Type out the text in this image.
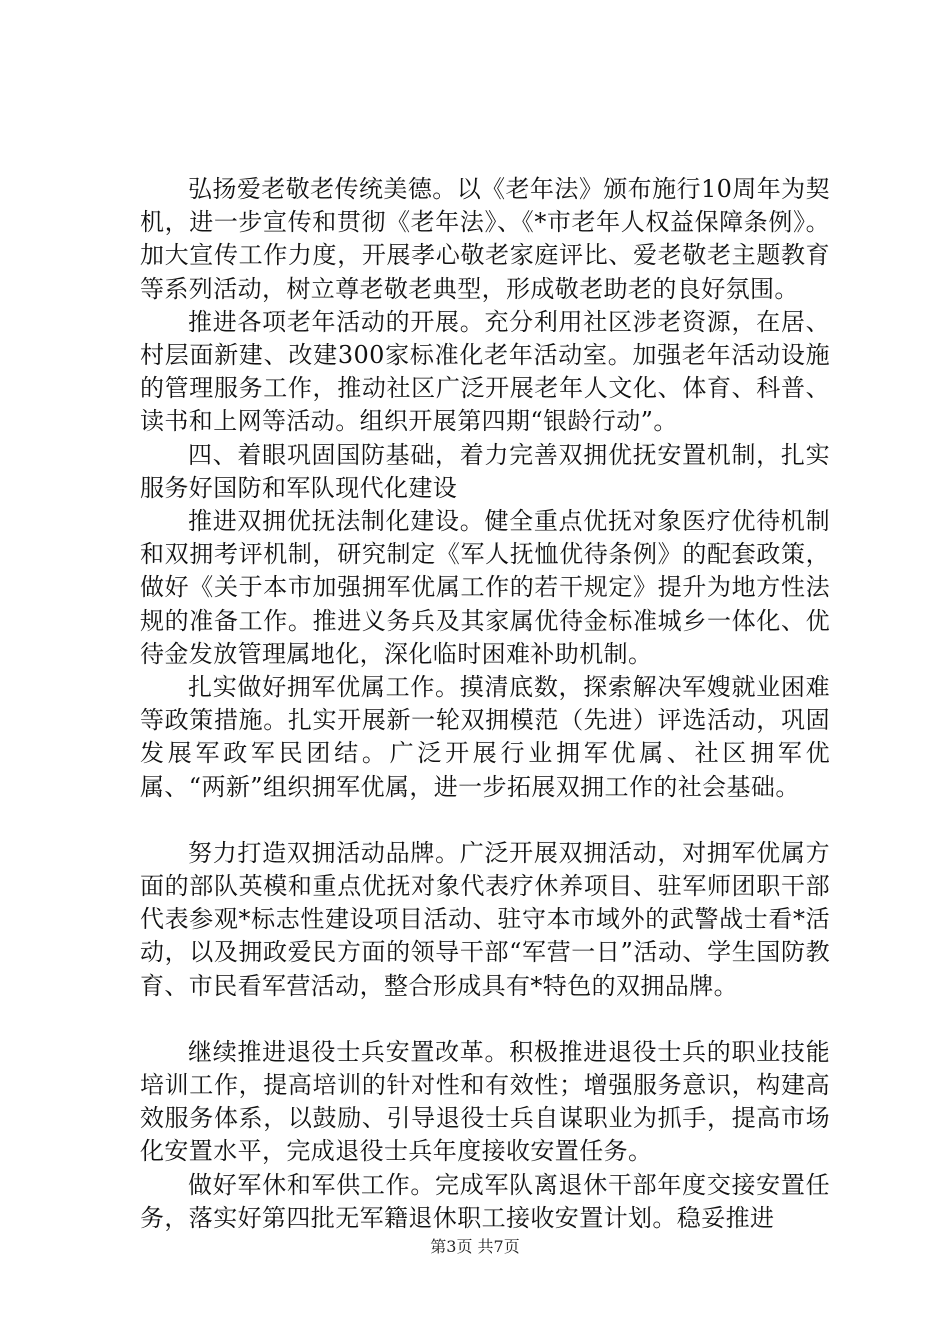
弘扬爱老敬老传统美德。以《老年法》颁布施行10周年为契机，进一步宣传和贯彻《老年法》、《*市老年人权益保障条例》。加大宣传工作力度，开展孝心敬老家庭评比、爱老敬老主题教育等系列活动，树立尊老敬老典型，形成敬老助老的良好氛围。

推进各项老年活动的开展。充分利用社区涉老资源，在居、村层面新建、改建300家标准化老年活动室。加强老年活动设施的管理服务工作，推动社区广泛开展老年人文化、体育、科普、读书和上网等活动。组织开展第四期“银龄行动”。

四、着眼巩固国防基础，着力完善双拥优抚安置机制，扎实服务好国防和军队现代化建设

推进双拥优抚法制化建设。健全重点优抚对象医疗优待机制和双拥考评机制，研究制定《军人抚恤优待条例》的配套政策，做好《关于本市加强拥军优属工作的若干规定》提升为地方性法规的准备工作。推进义务兵及其家属优待金标准城乡一体化、优待金发放管理属地化，深化临时困难补助机制。

扎实做好拥军优属工作。摸清底数，探索解决军嫂就业困难等政策措施。扎实开展新一轮双拥模范（先进）评选活动，巩固发展军政军民团结。广泛开展行业拥军优属、社区拥军优属、“两新”组织拥军优属，进一步拓展双拥工作的社会基础。

努力打造双拥活动品牌。广泛开展双拥活动，对拥军优属方面的部队英模和重点优抚对象代表疗休养项目、驻军师团职干部代表参观*标志性建设项目活动、驻守本市域外的武警战士看*活动，以及拥政爱民方面的领导干部“军营一日”活动、学生国防教育、市民看军营活动，整合形成具有*特色的双拥品牌。

继续推进退役士兵安置改革。积极推进退役士兵的职业技能培训工作，提高培训的针对性和有效性；增强服务意识，构建高效服务体系，以鼓励、引导退役士兵自谋职业为抓手，提高市场化安置水平，完成退役士兵年度接收安置任务。

做好军休和军供工作。完成军队离退休干部年度交接安置任务，落实好第四批无军籍退休职工接收安置计划。稳妥推进

第3页 共7页
